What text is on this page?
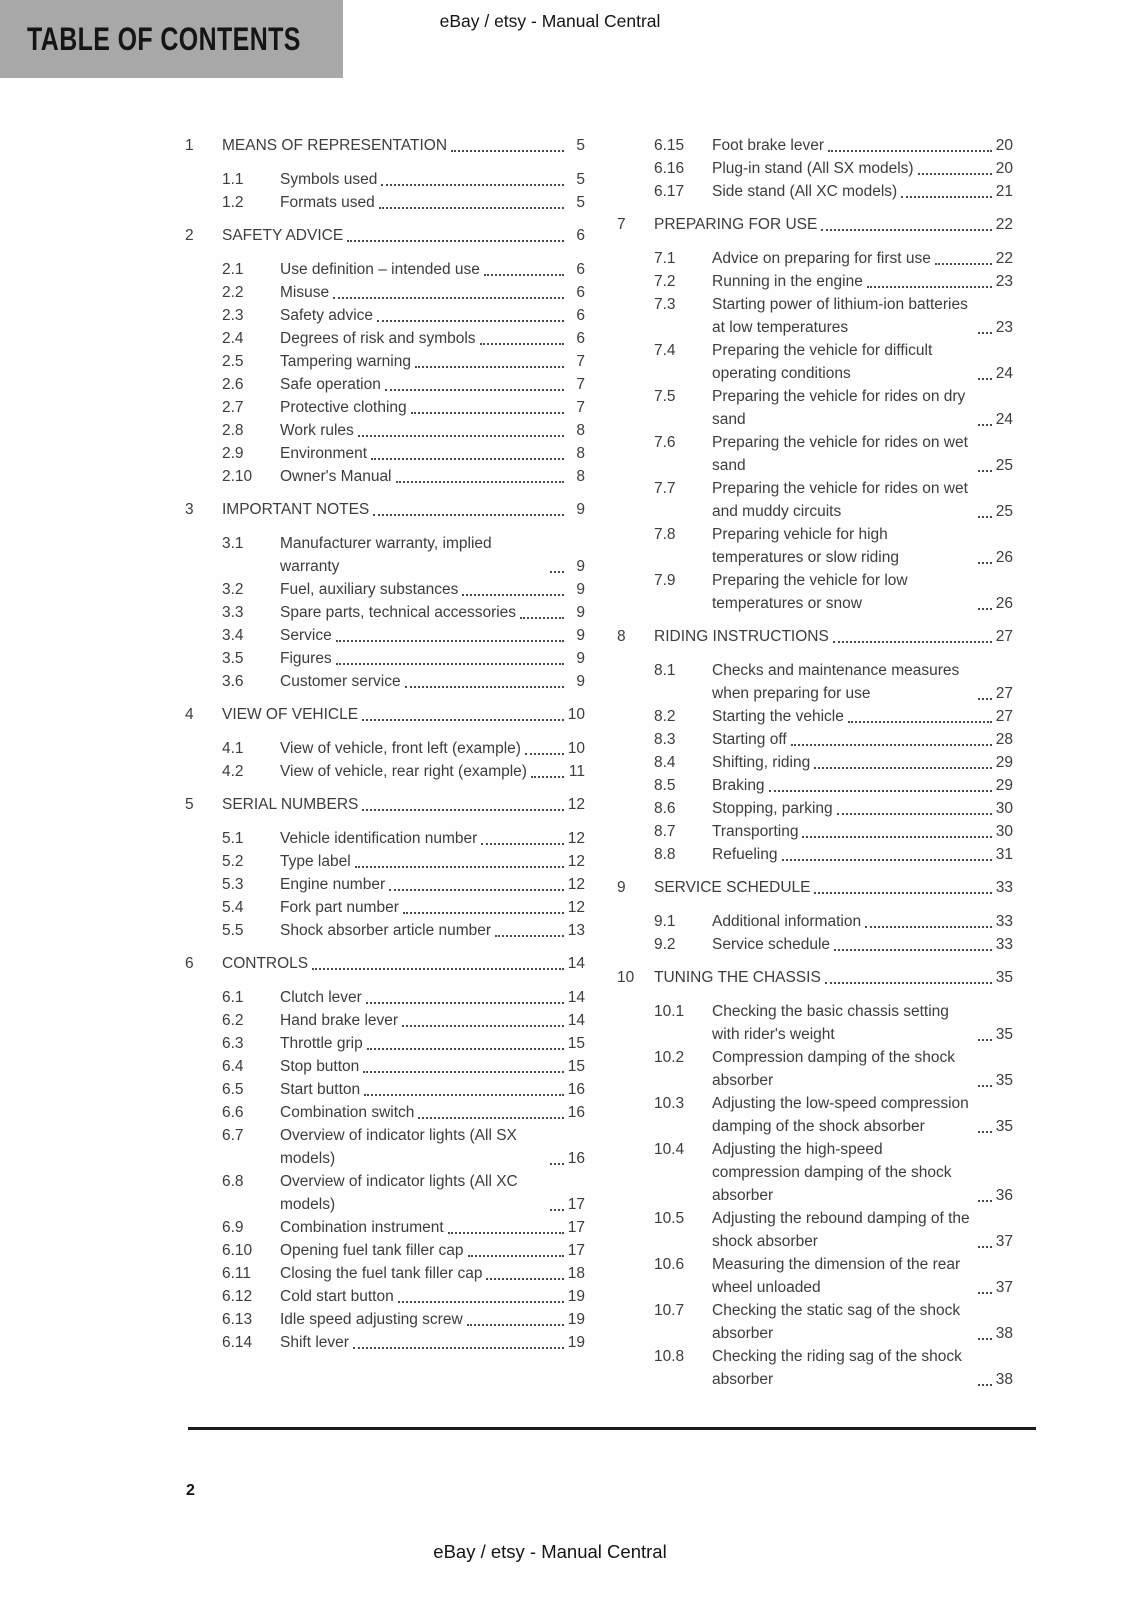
TABLE OF CONTENTS	eBay / etsy - Manual Central
1	MEANS OF REPRESENTATION	5
1.1	Symbols used	5
1.2	Formats used	5
2	SAFETY ADVICE	6
2.1	Use definition – intended use	6
2.2	Misuse	6
2.3	Safety advice	6
2.4	Degrees of risk and symbols	6
2.5	Tampering warning	7
2.6	Safe operation	7
2.7	Protective clothing	7
2.8	Work rules	8
2.9	Environment	8
2.10	Owner's Manual	8
3	IMPORTANT NOTES	9
3.1	Manufacturer warranty, implied warranty	9
3.2	Fuel, auxiliary substances	9
3.3	Spare parts, technical accessories	9
3.4	Service	9
3.5	Figures	9
3.6	Customer service	9
4	VIEW OF VEHICLE	10
4.1	View of vehicle, front left (example)	10
4.2	View of vehicle, rear right (example)	11
5	SERIAL NUMBERS	12
5.1	Vehicle identification number	12
5.2	Type label	12
5.3	Engine number	12
5.4	Fork part number	12
5.5	Shock absorber article number	13
6	CONTROLS	14
6.1	Clutch lever	14
6.2	Hand brake lever	14
6.3	Throttle grip	15
6.4	Stop button	15
6.5	Start button	16
6.6	Combination switch	16
6.7	Overview of indicator lights (All SX models)	16
6.8	Overview of indicator lights (All XC models)	17
6.9	Combination instrument	17
6.10	Opening fuel tank filler cap	17
6.11	Closing the fuel tank filler cap	18
6.12	Cold start button	19
6.13	Idle speed adjusting screw	19
6.14	Shift lever	19
6.15	Foot brake lever	20
6.16	Plug-in stand (All SX models)	20
6.17	Side stand (All XC models)	21
7	PREPARING FOR USE	22
7.1	Advice on preparing for first use	22
7.2	Running in the engine	23
7.3	Starting power of lithium-ion batteries at low temperatures	23
7.4	Preparing the vehicle for difficult operating conditions	24
7.5	Preparing the vehicle for rides on dry sand	24
7.6	Preparing the vehicle for rides on wet sand	25
7.7	Preparing the vehicle for rides on wet and muddy circuits	25
7.8	Preparing vehicle for high temperatures or slow riding	26
7.9	Preparing the vehicle for low temperatures or snow	26
8	RIDING INSTRUCTIONS	27
8.1	Checks and maintenance measures when preparing for use	27
8.2	Starting the vehicle	27
8.3	Starting off	28
8.4	Shifting, riding	29
8.5	Braking	29
8.6	Stopping, parking	30
8.7	Transporting	30
8.8	Refueling	31
9	SERVICE SCHEDULE	33
9.1	Additional information	33
9.2	Service schedule	33
10	TUNING THE CHASSIS	35
10.1	Checking the basic chassis setting with rider's weight	35
10.2	Compression damping of the shock absorber	35
10.3	Adjusting the low-speed compression damping of the shock absorber	35
10.4	Adjusting the high-speed compression damping of the shock absorber	36
10.5	Adjusting the rebound damping of the shock absorber	37
10.6	Measuring the dimension of the rear wheel unloaded	37
10.7	Checking the static sag of the shock absorber	38
10.8	Checking the riding sag of the shock absorber	38
2
eBay / etsy - Manual Central
